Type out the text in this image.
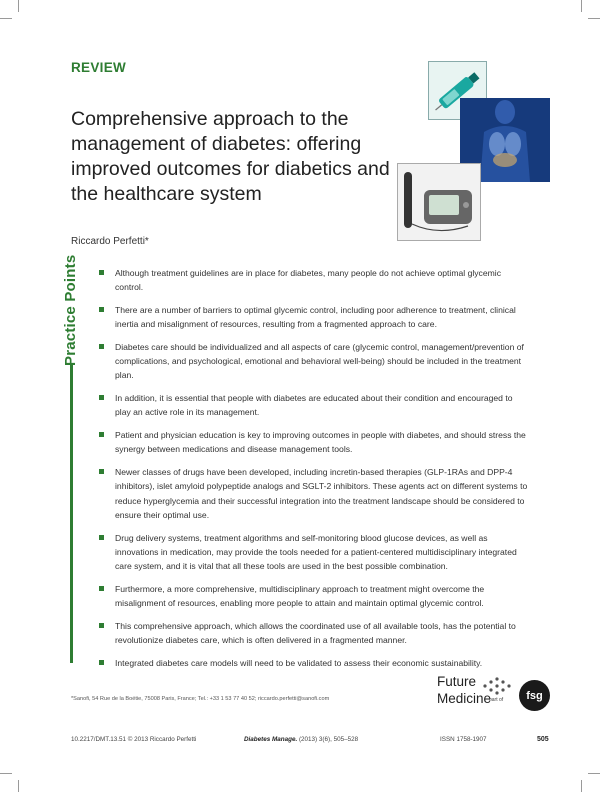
REVIEW
Comprehensive approach to the management of diabetes: offering improved outcomes for diabetics and the healthcare system
Riccardo Perfetti*
Practice Points	Although treatment guidelines are in place for diabetes, many people do not achieve optimal glycemic control.
There are a number of barriers to optimal glycemic control, including poor adherence to treatment, clinical inertia and misalignment of resources, resulting from a fragmented approach to care.
Diabetes care should be individualized and all aspects of care (glycemic control, management/prevention of complications, and psychological, emotional and behavioral well-being) should be included in the treatment plan.
In addition, it is essential that people with diabetes are educated about their condition and encouraged to play an active role in its management.
Patient and physician education is key to improving outcomes in people with diabetes, and should stress the synergy between medications and disease management tools.
Newer classes of drugs have been developed, including incretin-based therapies (GLP-1RAs and DPP-4 inhibitors), islet amyloid polypeptide analogs and SGLT-2 inhibitors. These agents act on different systems to reduce hyperglycemia and their successful integration into the treatment landscape should be considered to ensure their optimal use.
Drug delivery systems, treatment algorithms and self-monitoring blood glucose devices, as well as innovations in medication, may provide the tools needed for a patient-centered multidisciplinary integrated care system, and it is vital that all these tools are used in the best possible combination.
Furthermore, a more comprehensive, multidisciplinary approach to treatment might overcome the misalignment of resources, enabling more people to attain and maintain optimal glycemic control.
This comprehensive approach, which allows the coordinated use of all available tools, has the potential to revolutionize diabetes care, which is often delivered in a fragmented manner.
Integrated diabetes care models will need to be validated to assess their economic sustainability.
*Sanofi, 54 Rue de la Boétie, 75008 Paris, France; Tel.: +33 1 53 77 40 52; riccardo.perfetti@sanofi.com
Future
Medicine
part of	fsg
10.2217/DMT.13.51 © 2013 Riccardo Perfetti	Diabetes Manage. (2013) 3(6), 505–528	ISSN 1758-1907	505
